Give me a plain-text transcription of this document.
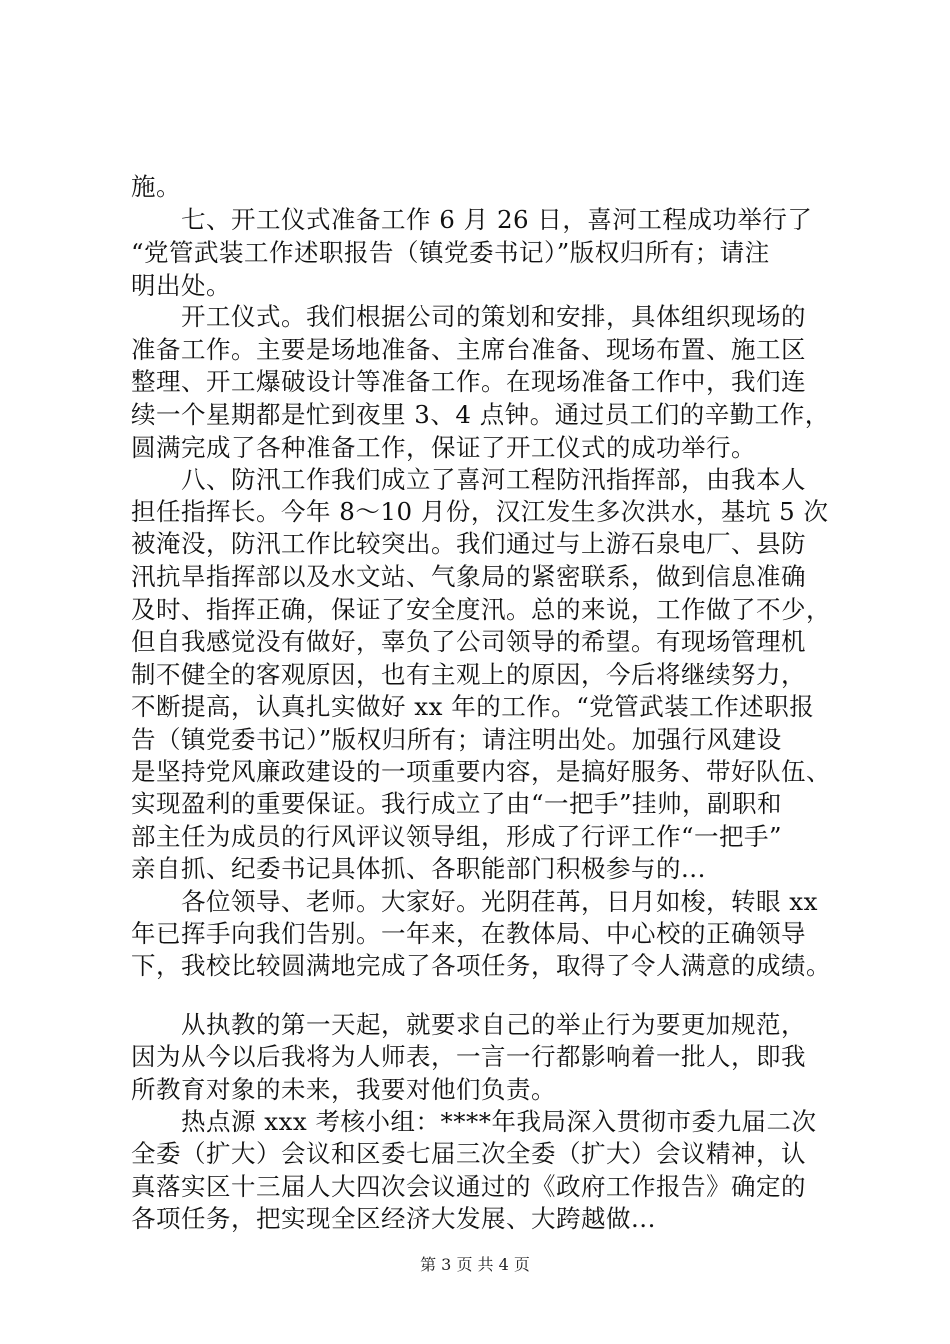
施。
七、开工仪式准备工作 6 月 26 日，喜河工程成功举行了
“党管武装工作述职报告（镇党委书记）”版权归所有；请注
明出处。
开工仪式。我们根据公司的策划和安排，具体组织现场的
准备工作。主要是场地准备、主席台准备、现场布置、施工区
整理、开工爆破设计等准备工作。在现场准备工作中，我们连
续一个星期都是忙到夜里 3、4 点钟。通过员工们的辛勤工作，
圆满完成了各种准备工作，保证了开工仪式的成功举行。
八、防汛工作我们成立了喜河工程防汛指挥部，由我本人
担任指挥长。今年 8～10 月份，汉江发生多次洪水，基坑 5 次
被淹没，防汛工作比较突出。我们通过与上游石泉电厂、县防
汛抗旱指挥部以及水文站、气象局的紧密联系，做到信息准确
及时、指挥正确，保证了安全度汛。总的来说，工作做了不少，
但自我感觉没有做好，辜负了公司领导的希望。有现场管理机
制不健全的客观原因，也有主观上的原因，今后将继续努力，
不断提高，认真扎实做好 xx 年的工作。“党管武装工作述职报
告（镇党委书记）”版权归所有；请注明出处。加强行风建设
是坚持党风廉政建设的一项重要内容，是搞好服务、带好队伍、
实现盈利的重要保证。我行成立了由“一把手”挂帅，副职和
部主任为成员的行风评议领导组，形成了行评工作“一把手”
亲自抓、纪委书记具体抓、各职能部门积极参与的...
各位领导、老师。大家好。光阴荏苒，日月如梭，转眼 xx
年已挥手向我们告别。一年来，在教体局、中心校的正确领导
下，我校比较圆满地完成了各项任务，取得了令人满意的成绩。
从执教的第一天起，就要求自己的举止行为要更加规范，
因为从今以后我将为人师表，一言一行都影响着一批人，即我
所教育对象的未来，我要对他们负责。
热点源 xxx 考核小组：****年我局深入贯彻市委九届二次
全委（扩大）会议和区委七届三次全委（扩大）会议精神，认
真落实区十三届人大四次会议通过的《政府工作报告》确定的
各项任务，把实现全区经济大发展、大跨越做...
第 3 页 共 4 页
